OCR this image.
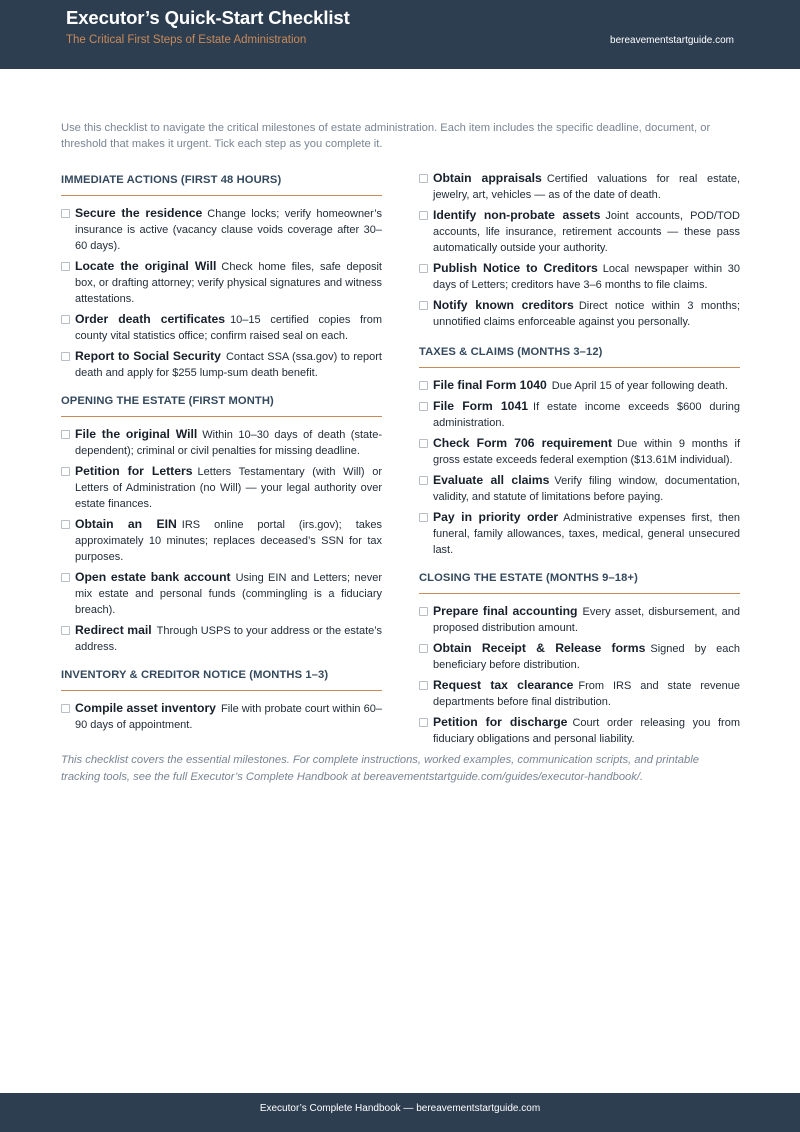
Executor’s Quick-Start Checklist
The Critical First Steps of Estate Administration	bereavementstartguide.com
Use this checklist to navigate the critical milestones of estate administration. Each item includes the specific deadline, document, or threshold that makes it urgent. Tick each step as you complete it.
IMMEDIATE ACTIONS (FIRST 48 HOURS)
Secure the residence Change locks; verify homeowner’s insurance is active (vacancy clause voids coverage after 30–60 days).
Locate the original Will Check home files, safe deposit box, or drafting attorney; verify physical signatures and witness attestations.
Order death certificates 10–15 certified copies from county vital statistics office; confirm raised seal on each.
Report to Social Security Contact SSA (ssa.gov) to report death and apply for $255 lump-sum death benefit.
OPENING THE ESTATE (FIRST MONTH)
File the original Will Within 10–30 days of death (state-dependent); criminal or civil penalties for missing deadline.
Petition for Letters Letters Testamentary (with Will) or Letters of Administration (no Will) — your legal authority over estate finances.
Obtain an EIN IRS online portal (irs.gov); takes approximately 10 minutes; replaces deceased’s SSN for tax purposes.
Open estate bank account Using EIN and Letters; never mix estate and personal funds (commingling is a fiduciary breach).
Redirect mail Through USPS to your address or the estate’s address.
INVENTORY & CREDITOR NOTICE (MONTHS 1–3)
Compile asset inventory File with probate court within 60–90 days of appointment.
Obtain appraisals Certified valuations for real estate, jewelry, art, vehicles — as of the date of death.
Identify non-probate assets Joint accounts, POD/TOD accounts, life insurance, retirement accounts — these pass automatically outside your authority.
Publish Notice to Creditors Local newspaper within 30 days of Letters; creditors have 3–6 months to file claims.
Notify known creditors Direct notice within 3 months; unnotified claims enforceable against you personally.
TAXES & CLAIMS (MONTHS 3–12)
File final Form 1040 Due April 15 of year following death.
File Form 1041 If estate income exceeds $600 during administration.
Check Form 706 requirement Due within 9 months if gross estate exceeds federal exemption ($13.61M individual).
Evaluate all claims Verify filing window, documentation, validity, and statute of limitations before paying.
Pay in priority order Administrative expenses first, then funeral, family allowances, taxes, medical, general unsecured last.
CLOSING THE ESTATE (MONTHS 9–18+)
Prepare final accounting Every asset, disbursement, and proposed distribution amount.
Obtain Receipt & Release forms Signed by each beneficiary before distribution.
Request tax clearance From IRS and state revenue departments before final distribution.
Petition for discharge Court order releasing you from fiduciary obligations and personal liability.
This checklist covers the essential milestones. For complete instructions, worked examples, communication scripts, and printable tracking tools, see the full Executor’s Complete Handbook at bereavementstartguide.com/guides/executor-handbook/.
Executor’s Complete Handbook — bereavementstartguide.com
